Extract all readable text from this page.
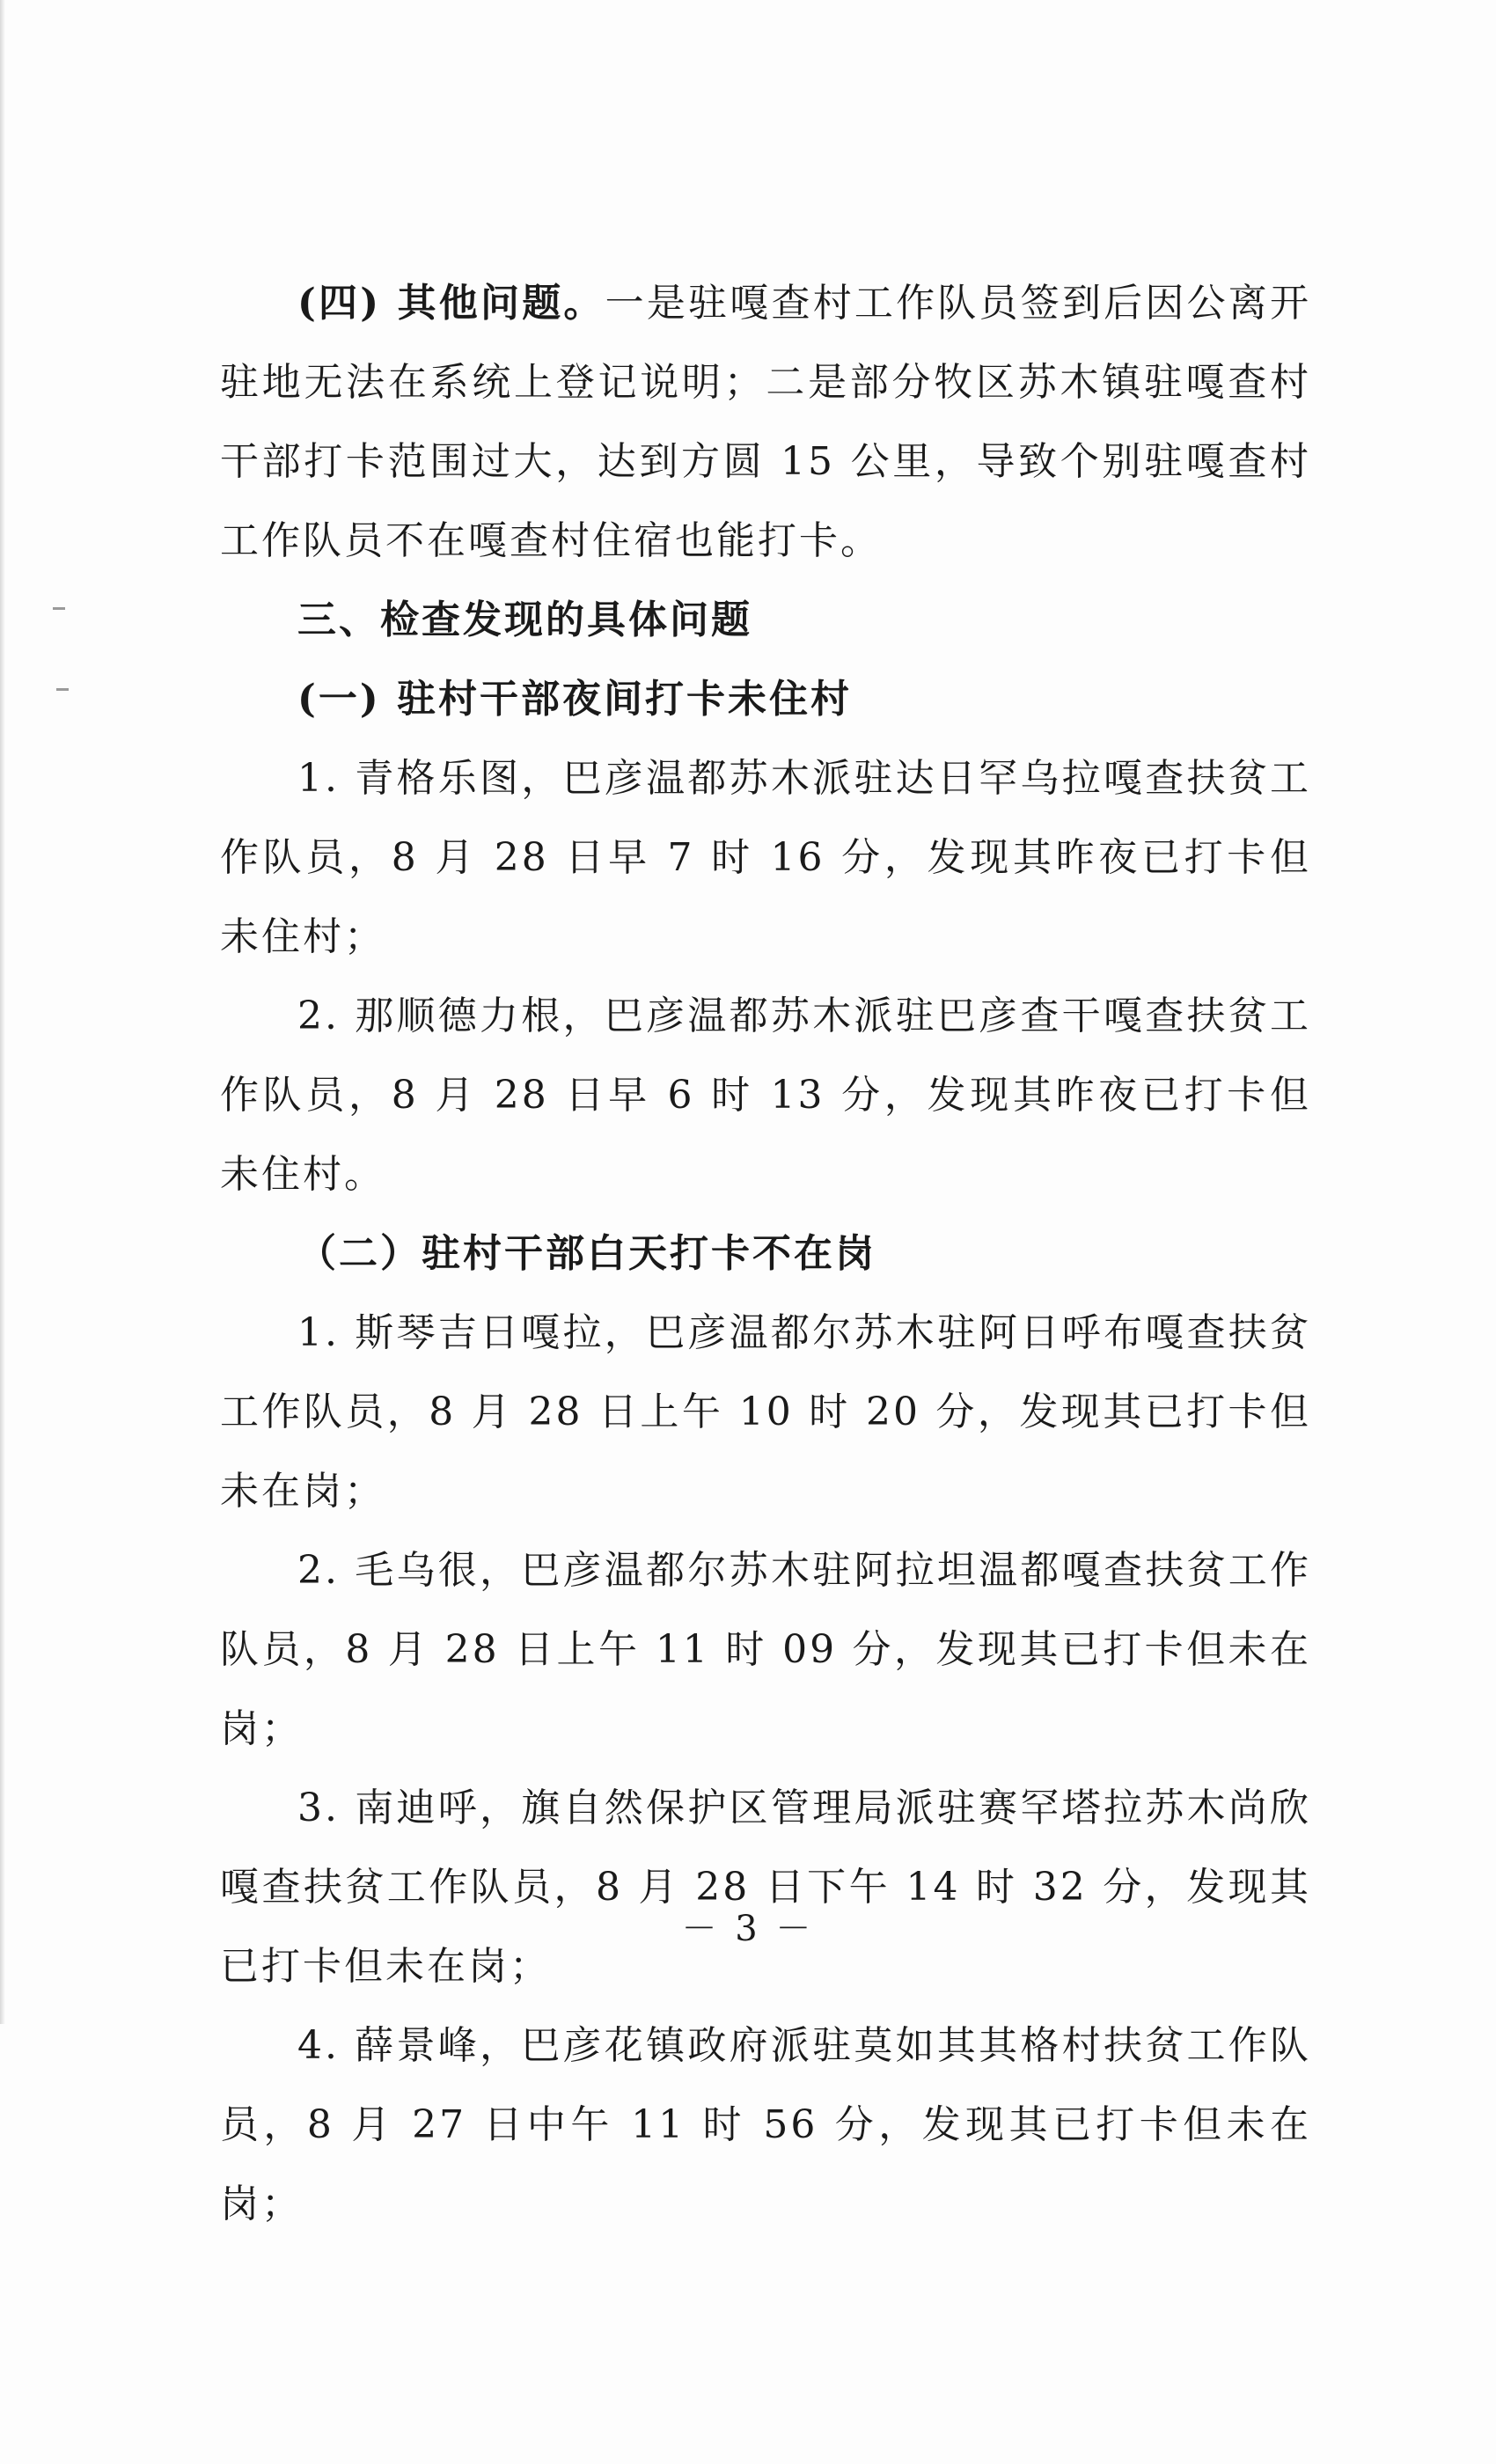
(四) 其他问题。一是驻嘎查村工作队员签到后因公离开驻地无法在系统上登记说明；二是部分牧区苏木镇驻嘎查村干部打卡范围过大，达到方圆 15 公里，导致个别驻嘎查村工作队员不在嘎查村住宿也能打卡。

三、检查发现的具体问题

(一) 驻村干部夜间打卡未住村

1. 青格乐图，巴彦温都苏木派驻达日罕乌拉嘎查扶贫工作队员，8 月 28 日早 7 时 16 分，发现其昨夜已打卡但未住村；

2. 那顺德力根，巴彦温都苏木派驻巴彦查干嘎查扶贫工作队员，8 月 28 日早 6 时 13 分，发现其昨夜已打卡但未住村。

（二）驻村干部白天打卡不在岗

1. 斯琴吉日嘎拉，巴彦温都尔苏木驻阿日呼布嘎查扶贫工作队员，8 月 28 日上午 10 时 20 分，发现其已打卡但未在岗；

2. 毛乌很，巴彦温都尔苏木驻阿拉坦温都嘎查扶贫工作队员，8 月 28 日上午 11 时 09 分，发现其已打卡但未在岗；

3. 南迪呼，旗自然保护区管理局派驻赛罕塔拉苏木尚欣嘎查扶贫工作队员，8 月 28 日下午 14 时 32 分，发现其已打卡但未在岗；

4. 薛景峰，巴彦花镇政府派驻莫如其其格村扶贫工作队员，8 月 27 日中午 11 时 56 分，发现其已打卡但未在岗；

－ 3 －
